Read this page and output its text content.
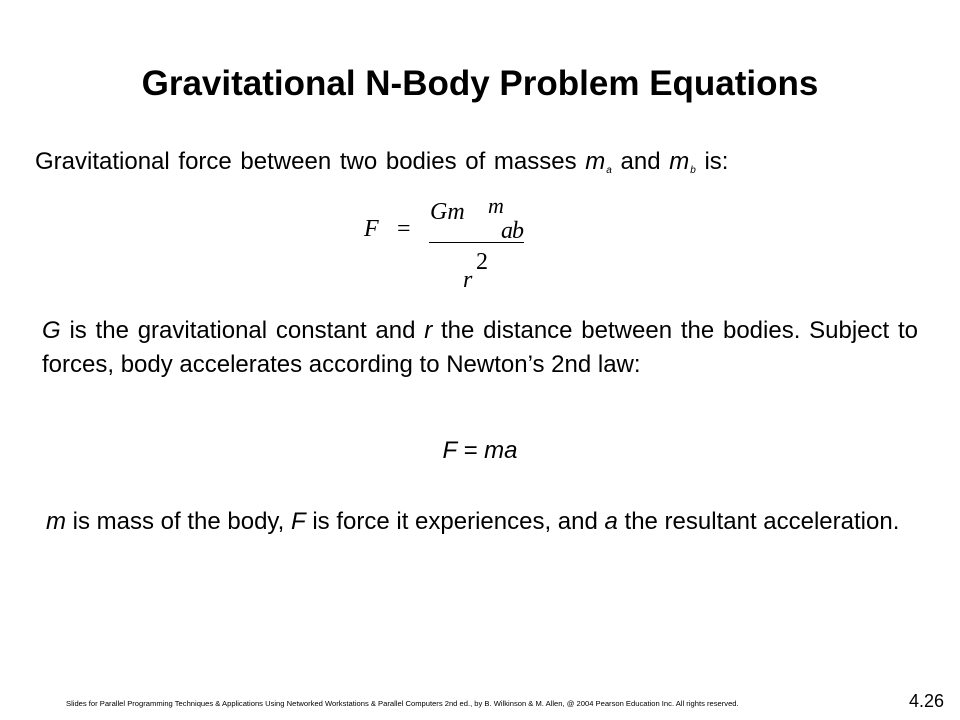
Gravitational N-Body Problem Equations
Gravitational force between two bodies of masses $m_a$ and $m_b$ is:
F =
Gm
a
m
b
2
r
G is the gravitational constant and r the distance between the bodies. Subject to forces, body accelerates according to Newton’s 2nd law:
F = ma
m is mass of the body, F is force it experiences, and a the resultant acceleration.
Slides for Parallel Programming Techniques & Applications Using Networked Workstations & Parallel Computers 2nd ed., by B. Wilkinson & M. Allen, @ 2004 Pearson Education Inc. All rights reserved.	4.26
